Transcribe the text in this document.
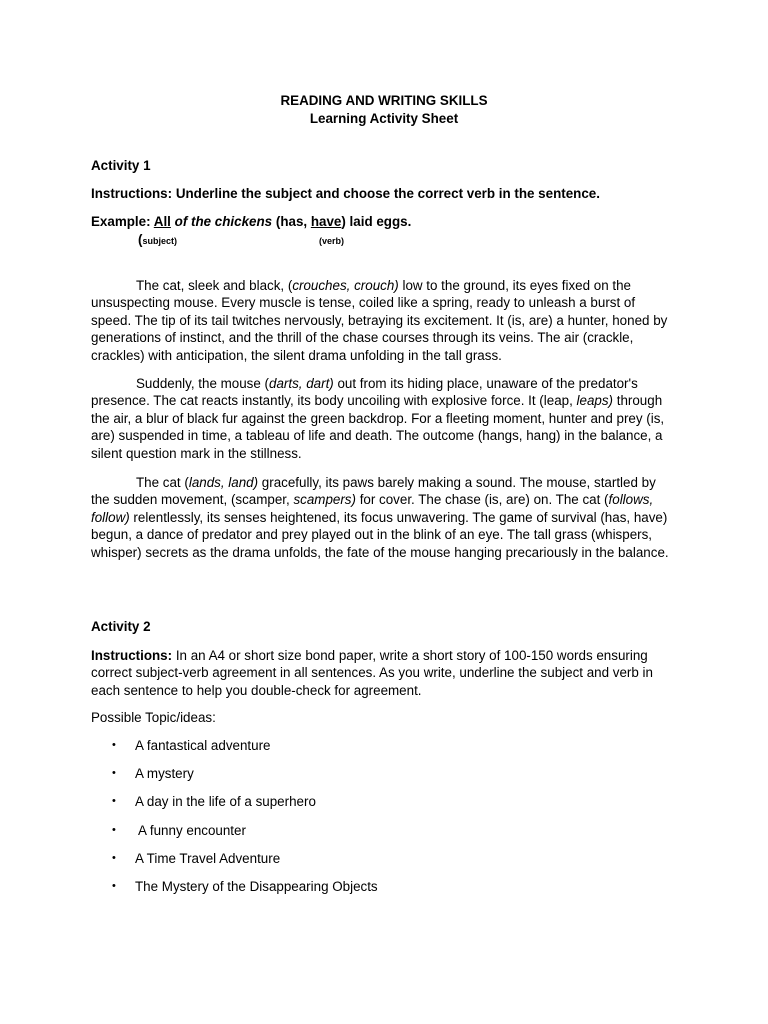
READING AND WRITING SKILLS
Learning Activity Sheet
Activity 1
Instructions: Underline the subject and choose the correct verb in the sentence.
Example: All of the chickens (has, have) laid eggs.
(subject)	(verb)

The cat, sleek and black, (crouches, crouch) low to the ground, its eyes fixed on the unsuspecting mouse. Every muscle is tense, coiled like a spring, ready to unleash a burst of speed. The tip of its tail twitches nervously, betraying its excitement. It (is, are) a hunter, honed by generations of instinct, and the thrill of the chase courses through its veins. The air (crackle, crackles) with anticipation, the silent drama unfolding in the tall grass.

Suddenly, the mouse (darts, dart) out from its hiding place, unaware of the predator's presence. The cat reacts instantly, its body uncoiling with explosive force. It (leap, leaps) through the air, a blur of black fur against the green backdrop. For a fleeting moment, hunter and prey (is, are) suspended in time, a tableau of life and death. The outcome (hangs, hang) in the balance, a silent question mark in the stillness.

The cat (lands, land) gracefully, its paws barely making a sound. The mouse, startled by the sudden movement, (scamper, scampers) for cover. The chase (is, are) on. The cat (follows, follow) relentlessly, its senses heightened, its focus unwavering. The game of survival (has, have) begun, a dance of predator and prey played out in the blink of an eye. The tall grass (whispers, whisper) secrets as the drama unfolds, the fate of the mouse hanging precariously in the balance.

Activity 2

Instructions: In an A4 or short size bond paper, write a short story of 100-150 words ensuring correct subject-verb agreement in all sentences. As you write, underline the subject and verb in each sentence to help you double-check for agreement.

Possible Topic/ideas:
• A fantastical adventure
• A mystery
• A day in the life of a superhero
• A funny encounter
• A Time Travel Adventure
• The Mystery of the Disappearing Objects
